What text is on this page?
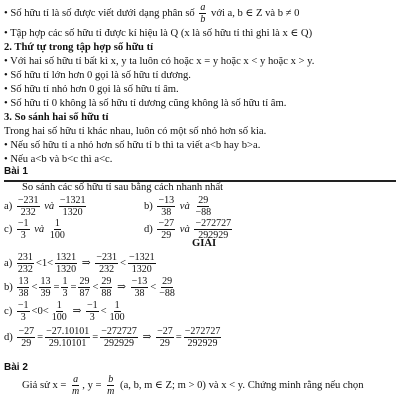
• Số hữu tỉ là số được viết dưới dạng phân số $\frac{a}{b}$ với a, b ∈ Z và b ≠ 0
• Tập hợp các số hữu tỉ được kí hiệu là Q (x là số hữu tỉ thì ghi là x ∈ Q)
2. Thứ tự trong tập hợp số hữu tỉ
• Với hai số hữu tỉ bất kì x, y ta luôn có hoặc x = y hoặc x < y hoặc x > y.
• Số hữu tỉ lớn hơn 0 gọi là số hữu tỉ dương.
• Số hữu tỉ nhỏ hơn 0 gọi là số hữu tỉ âm.
• Số hữu tỉ 0 không là số hữu tỉ dương cũng không là số hữu tỉ âm.
3. So sánh hai số hữu tỉ
Trong hai số hữu tỉ khác nhau, luôn có một số nhỏ hơn số kia.
• Nếu số hữu tỉ a nhỏ hơn số hữu tỉ b thì ta viết a<b hay b>a.
• Nếu a<b và b<c thì a<c.
Bài 1
So sánh các số hữu tỉ sau bằng cách nhanh nhất
$a) \frac{-231}{232}$ và $\frac{-1321}{1320}$	$b) \frac{-13}{38}$ và $\frac{29}{-88}$
$c) \frac{-1}{3}$ và $\frac{1}{100}$	$d) \frac{-27}{29}$ và $\frac{-272727}{292929}$
GIẢI
$a) \frac{231}{232} <1< \frac{1321}{1320}$ ⇒ $\frac{-231}{232} < \frac{-1321}{1320}$
$b) \frac{13}{38} < \frac{13}{39} = \frac{1}{3} = \frac{29}{87} < \frac{29}{88}$ ⇒ $\frac{-13}{38} < \frac{29}{-88}$
$c) \frac{-1}{3} <0< \frac{1}{100}$ ⇒ $\frac{-1}{3} < \frac{1}{100}$
$d) \frac{-27}{29} = \frac{-27.10101}{29.10101} = \frac{-272727}{292929}$ ⇒ $\frac{-27}{29} = \frac{-272727}{292929}$
Bài 2
Giả sử $x = \frac{a}{m}$ , $y = \frac{b}{m} (a$, b, m ∈ Z; m > 0) và x < y. Chứng minh rằng nếu chọn
